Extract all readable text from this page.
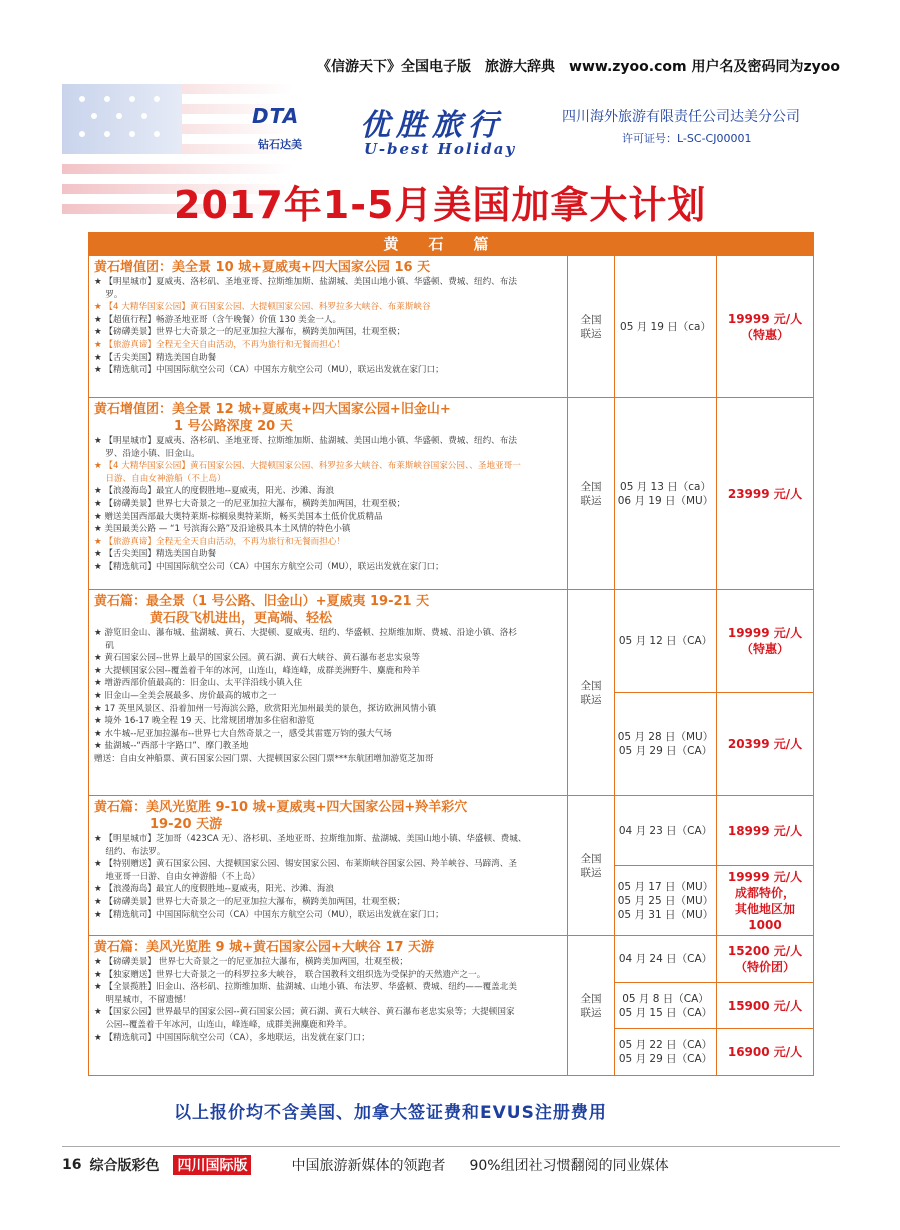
《信游天下》全国电子版　旅游大辞典　www.zyoo.com 用户名及密码同为zyoo
DTA
钻石达美
优胜旅行
U-best Holiday
四川海外旅游有限责任公司达美分公司
许可证号：L-SC-CJ00001
2017年1-5月美国加拿大计划
黄石篇
黄石增值团：美全景 10 城+夏威夷+四大国家公园 16 天
★ 【明星城市】夏威夷、洛杉矶、圣地亚哥、拉斯维加斯、盐湖城、美国山地小镇、华盛顿、费城、纽约、布法
　 罗。
★ 【4 大精华国家公园】黄石国家公园、大提顿国家公园、科罗拉多大峡谷、布莱斯峡谷
★ 【超值行程】畅游圣地亚哥（含午晚餐）价值 130 美金一人。
★ 【磅礴美景】世界七大奇景之一的尼亚加拉大瀑布，横跨美加两国，壮观至极；
★ 【旅游真谛】全程无全天自由活动，不再为旅行和无餐而担心！
★ 【舌尖美国】精选美国自助餐
★ 【精选航司】中国国际航空公司（CA）中国东方航空公司（MU），联运出发就在家门口；
全国联运
05 月 19 日（ca）
19999 元/人
（特惠）
黄石增值团：美全景 12 城+夏威夷+四大国家公园+旧金山+
1 号公路深度 20 天
★ 【明星城市】夏威夷、洛杉矶、圣地亚哥、拉斯维加斯、盐湖城、美国山地小镇、华盛顿、费城、纽约、布法
　 罗、沿途小镇、旧金山。
★ 【4 大精华国家公园】黄石国家公园、大提顿国家公园、科罗拉多大峡谷、布莱斯峡谷国家公园、、圣地亚哥一
　 日游、自由女神游船（不上岛）
★ 【浪漫海岛】最宜人的度假胜地--夏威夷，阳光、沙滩、海浪
★ 【磅礴美景】世界七大奇景之一的尼亚加拉大瀑布，横跨美加两国，壮观至极；
★ 赠送美国西部最大奥特莱斯-棕榈泉奥特莱斯，畅买美国本土低价优质精品
★ 美国最美公路 — “1 号滨海公路”及沿途极具本土风情的特色小镇
★ 【旅游真谛】全程无全天自由活动，不再为旅行和无餐而担心！
★ 【舌尖美国】精选美国自助餐
★ 【精选航司】中国国际航空公司（CA）中国东方航空公司（MU），联运出发就在家门口；
全国联运
05 月 13 日（ca）
06 月 19 日（MU） 23999 元/人
黄石篇：最全景（1 号公路、旧金山）+夏威夷 19-21 天
黄石段飞机进出，更高端、轻松
★ 游览旧金山、瀑布城、盐湖城、黄石、大提顿、夏威夷、纽约、华盛顿、拉斯维加斯、费城、沿途小镇、洛杉
　 矶
★ 黄石国家公园--世界上最早的国家公园。黄石湖、黄石大峡谷、黄石瀑布老忠实泉等
★ 大提顿国家公园--覆盖着千年的冰河，山连山，峰连峰，成群美洲野牛、麋鹿和羚羊
★ 增游西部价值最高的：旧金山、太平洋沿线小镇入住
★ 旧金山—全美会展最多、房价最高的城市之一
★ 17 英里风景区、沿着加州一号海滨公路，欣赏阳光加州最美的景色，探访欧洲风情小镇
★ 境外 16-17 晚全程 19 天、比常规团增加多住宿和游览
★ 水牛城--尼亚加拉瀑布--世界七大自然奇景之一，感受其雷霆万钧的强大气场
★ 盐湖城--“西部十字路口”、摩门教圣地
赠送：自由女神船票、黄石国家公园门票、大提顿国家公园门票***东航团增加游览芝加哥
全国联运
05 月 12 日（CA）
19999 元/人
（特惠）
05 月 28 日（MU）
05 月 29 日（CA） 20399 元/人
黄石篇：美风光览胜 9-10 城+夏威夷+四大国家公园+羚羊彩穴
19-20 天游
★ 【明星城市】芝加哥（423CA 无）、洛杉矶、圣地亚哥、拉斯维加斯、盐湖城、美国山地小镇、华盛顿、费城、
　 纽约、布法罗。
★ 【特别赠送】黄石国家公园、大提顿国家公园、锡安国家公园、布莱斯峡谷国家公园、羚羊峡谷、马蹄湾、圣
　 地亚哥一日游、自由女神游船（不上岛）
★ 【浪漫海岛】最宜人的度假胜地--夏威夷，阳光、沙滩、海浪
★ 【磅礴美景】世界七大奇景之一的尼亚加拉大瀑布，横跨美加两国，壮观至极；
★ 【精选航司】中国国际航空公司（CA）中国东方航空公司（MU），联运出发就在家门口；
全国联运
04 月 23 日（CA） 18999 元/人
05 月 17 日（MU）
05 月 25 日（MU）
05 月 31 日（MU）
19999 元/人
成都特价，
其他地区加
1000
黄石篇：美风光览胜 9 城+黄石国家公园+大峡谷 17 天游
★ 【磅礴美景】 世界七大奇景之一的尼亚加拉大瀑布，横跨美加两国，壮观至极；
★ 【独家赠送】世界七大奇景之一的科罗拉多大峡谷， 联合国教科文组织选为受保护的天然遗产之一。
★ 【全景揽胜】旧金山、洛杉矶、拉斯维加斯、盐湖城、山地小镇、布法罗、华盛顿、费城、纽约——覆盖北美
　 明星城市，不留遗憾！
★ 【国家公园】世界最早的国家公园--黄石国家公园；黄石湖、黄石大峡谷、黄石瀑布老忠实泉等；大提顿国家
　 公园--覆盖着千年冰河，山连山，峰连峰，成群美洲麋鹿和羚羊。
★ 【精选航司】中国国际航空公司（CA），多地联运，出发就在家门口；
全国联运
04 月 24 日（CA）
15200 元/人
（特价团）
05 月 8 日（CA）
05 月 15 日（CA） 15900 元/人
05 月 22 日（CA）
05 月 29 日（CA） 16900 元/人
以上报价均不含美国、加拿大签证费和EVUS注册费用
16 综合版彩色 四川国际版	中国旅游新媒体的领跑者 90%组团社习惯翻阅的同业媒体
